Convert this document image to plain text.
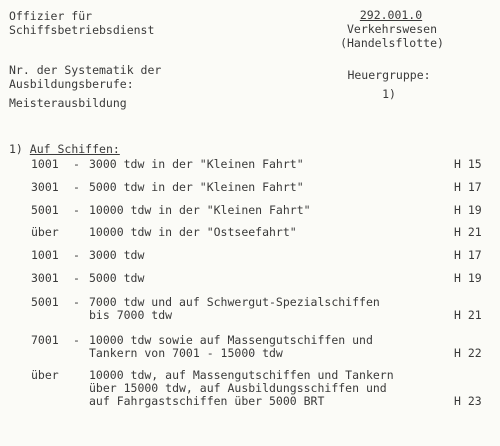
Offizier für
Schiffsbetriebsdienst
292.001.0
Verkehrswesen
(Handelsflotte)
Nr. der Systematik der
Ausbildungsberufe:
Meisterausbildung
Heuergruppe:
1)
1) Auf Schiffen:
1001 - 3000 tdw in der "Kleinen Fahrt"	H 15
3001 - 5000 tdw in der "Kleinen Fahrt"	H 17
5001 - 10000 tdw in der "Kleinen Fahrt"	H 19
über	10000 tdw in der "Ostseefahrt"	H 21
1001 - 3000 tdw	H 17
3001 - 5000 tdw	H 19
5001 - 7000 tdw und auf Schwergut-Spezialschiffen
bis 7000 tdw	H 21
7001 - 10000 tdw sowie auf Massengutschiffen und
Tankern von 7001 - 15000 tdw	H 22
über	10000 tdw, auf Massengutschiffen und Tankern
über 15000 tdw, auf Ausbildungsschiffen und
auf Fahrgastschiffen über 5000 BRT	H 23
